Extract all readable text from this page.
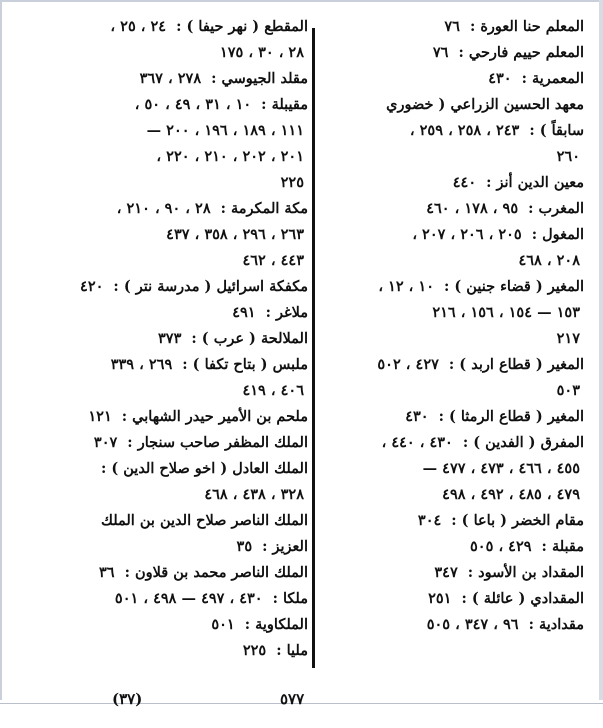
المعلم حنا العورة :٧٦
المعلم حييم فارحي :٧٦
المعمرية :٤٣٠
معهد الحسين الزراعي ( خضوري
سابقاً ) :٢٤٣ ، ٢٥٨ ، ٢٥٩ ،
٢٦٠
معين الدين أنز :٤٤٠
المغرب :٩٥ ، ١٧٨ ، ٤٦٠
المغول :٢٠٥ ، ٢٠٦ ، ٢٠٧ ،
٢٠٨ ، ٤٦٨
المغير ( قضاء جنين ) :١٠ ، ١٢ ،
١٥٣ — ١٥٤ ، ١٥٦ ، ٢١٦
٢١٧
المغير ( قطاع اربد ) :٤٢٧ ، ٥٠٢
٥٠٣
المغير ( قطاع الرمثا ) :٤٣٠
المفرق ( الفدين ) :٤٣٠ ، ٤٤٠ ،
٤٥٥ ، ٤٦٦ ، ٤٧٣ ، ٤٧٧ —
٤٧٩ ، ٤٨٥ ، ٤٩٢ ، ٤٩٨
مقام الخضر ( باعا ) :٣٠٤
مقبلة :٤٢٩ ، ٥٠٥
المقداد بن الأسود :٣٤٧
المقدادي ( عائلة ) :٢٥١
مقدادية :٩٦ ، ٣٤٧ ، ٥٠٥
المقطع ( نهر حيفا ) :٢٤ ، ٢٥ ،
٢٨ ، ٣٠ ، ١٧٥
مقلد الجيوسي :٢٧٨ ، ٣٦٧
مقيبلة :١٠ ، ٣١ ، ٤٩ ، ٥٠ ،
١١١ ، ١٨٩ ، ١٩٦ ، ٢٠٠ —
٢٠١ ، ٢٠٢ ، ٢١٠ ، ٢٢٠ ،
٢٢٥
مكة المكرمة :٢٨ ، ٩٠ ، ٢١٠ ،
٢٦٣ ، ٢٩٦ ، ٣٥٨ ، ٤٣٧
٤٤٣ ، ٤٦٢
مكفكة اسرائيل ( مدرسة نتر ) :٤٢٠
ملاغر :٤٩١
الملالحة ( عرب ) :٣٧٣
ملبس ( بتاح تكفا ) :٢٦٩ ، ٣٣٩
٤٠٦ ، ٤١٩
ملحم بن الأمير حيدر الشهابي :١٢١
الملك المظفر صاحب سنجار :٣٠٧
الملك العادل ( اخو صلاح الدين ) :
٣٢٨ ، ٤٣٨ ، ٤٦٨
الملك الناصر صلاح الدين بن الملك
العزيز :٣٥
الملك الناصر محمد بن قلاون :٣٦
ملكا :٤٣٠ ، ٤٩٧ — ٤٩٨ ، ٥٠١
الملكاوية :٥٠١
مليا :٢٢٥
٥٧٧
(٣٧)
